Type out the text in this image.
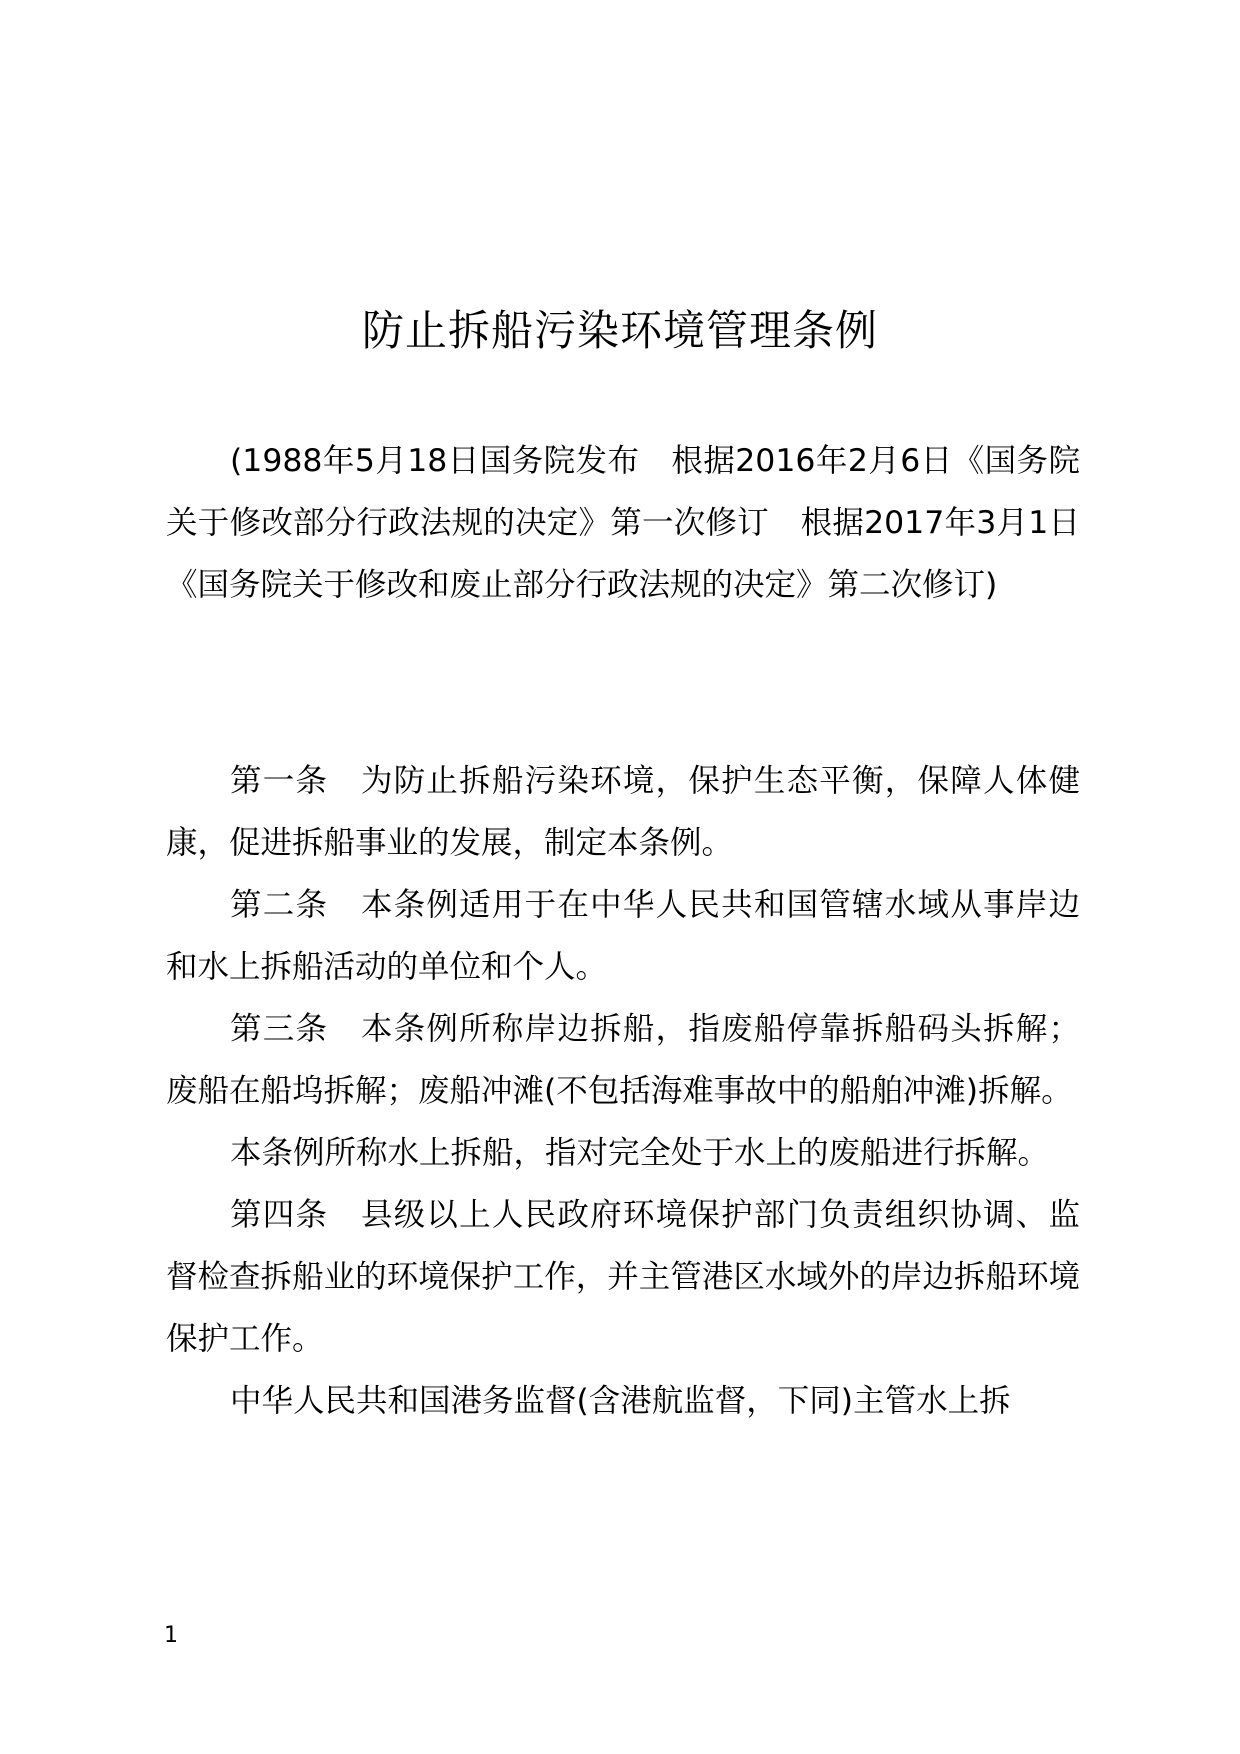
防止拆船污染环境管理条例

(1988年5月18日国务院发布　根据2016年2月6日《国务院关于修改部分行政法规的决定》第一次修订　根据2017年3月1日《国务院关于修改和废止部分行政法规的决定》第二次修订)

第一条　为防止拆船污染环境，保护生态平衡，保障人体健康，促进拆船事业的发展，制定本条例。

第二条　本条例适用于在中华人民共和国管辖水域从事岸边和水上拆船活动的单位和个人。

第三条　本条例所称岸边拆船，指废船停靠拆船码头拆解；废船在船坞拆解；废船冲滩(不包括海难事故中的船舶冲滩)拆解。

本条例所称水上拆船，指对完全处于水上的废船进行拆解。

第四条　县级以上人民政府环境保护部门负责组织协调、监督检查拆船业的环境保护工作，并主管港区水域外的岸边拆船环境保护工作。

中华人民共和国港务监督(含港航监督，下同)主管水上拆

1
